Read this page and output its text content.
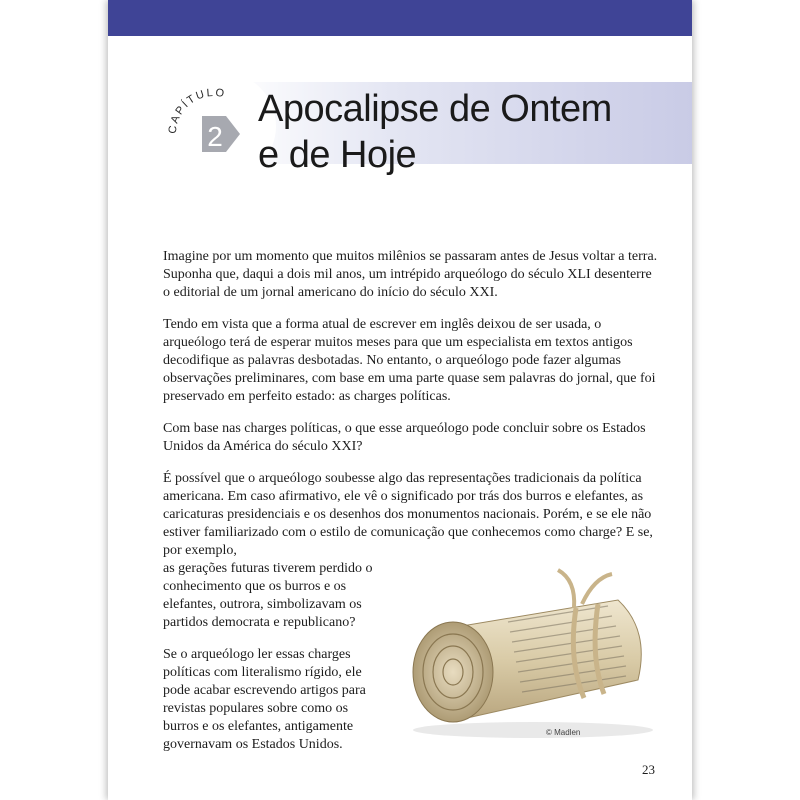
CAPÍTULO
2
Apocalipse de Ontem
e de Hoje

Imagine por um momento que muitos milênios se passaram antes de Jesus voltar a terra. Suponha que, daqui a dois mil anos, um intrépido arqueólogo do século XLI desenterre o editorial de um jornal americano do início do século XXI.

Tendo em vista que a forma atual de escrever em inglês deixou de ser usada, o arqueólogo terá de esperar muitos meses para que um especialista em textos antigos decodifique as palavras desbotadas. No entanto, o arqueólogo pode fazer algumas observações preliminares, com base em uma parte quase sem palavras do jornal, que foi preservado em perfeito estado: as charges políticas.

Com base nas charges políticas, o que esse arqueólogo pode concluir sobre os Estados Unidos da América do século XXI?

É possível que o arqueólogo soubesse algo das representações tradicionais da política americana. Em caso afirmativo, ele vê o significado por trás dos burros e elefantes, as caricaturas presidenciais e os desenhos dos monumentos nacionais. Porém, e se ele não estiver familiarizado com o estilo de comunicação que conhecemos como charge? E se, por exemplo,

as gerações futuras tiverem perdido o conhecimento que os burros e os elefantes, outrora, simbolizavam os partidos democrata e republicano?

Se o arqueólogo ler essas charges políticas com literalismo rígido, ele pode acabar escrevendo artigos para revistas populares sobre como os burros e os elefantes, antigamente governavam os Estados Unidos.

© Madlen
23
